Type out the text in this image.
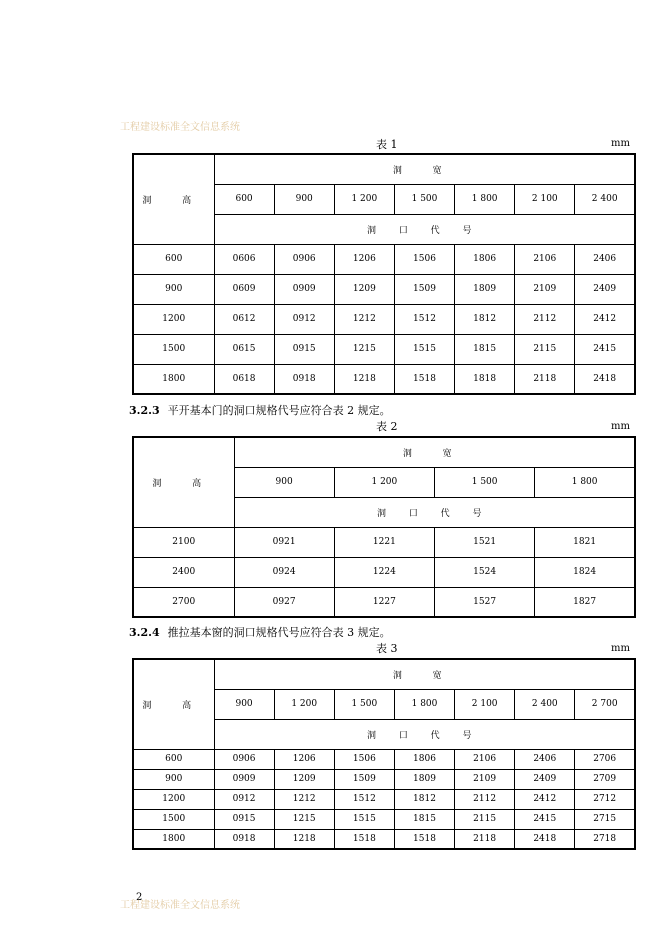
工程建设标准全文信息系统
表 1	mm
洞 高	洞 宽						
	600	900	1 200	1 500	1 800	2 100	2 400
	洞 口 代 号						
600	0606	0906	1206	1506	1806	2106	2406
900	0609	0909	1209	1509	1809	2109	2409
1200	0612	0912	1212	1512	1812	2112	2412
1500	0615	0915	1215	1515	1815	2115	2415
1800	0618	0918	1218	1518	1818	2118	2418
3.2.3 平开基本门的洞口规格代号应符合表 2 规定。
表 2	mm
洞 高	洞 宽			
	900	1 200	1 500	1 800
	洞 口 代 号			
2100	0921	1221	1521	1821
2400	0924	1224	1524	1824
2700	0927	1227	1527	1827
3.2.4 推拉基本窗的洞口规格代号应符合表 3 规定。
表 3	mm
洞 高	洞 宽						
	900	1 200	1 500	1 800	2 100	2 400	2 700
	洞 口 代 号						
600	0906	1206	1506	1806	2106	2406	2706
900	0909	1209	1509	1809	2109	2409	2709
1200	0912	1212	1512	1812	2112	2412	2712
1500	0915	1215	1515	1815	2115	2415	2715
1800	0918	1218	1518	1518	2118	2418	2718
2
工程建设标准全文信息系统
